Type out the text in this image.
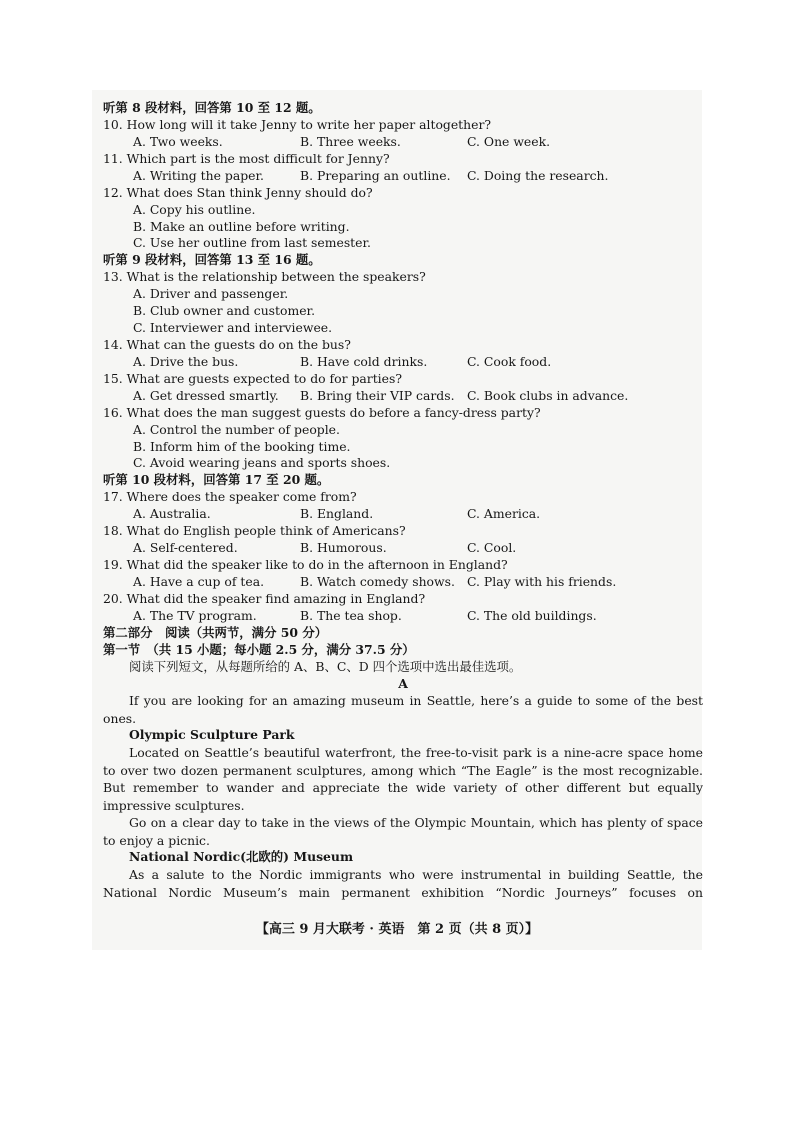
听第 8 段材料，回答第 10 至 12 题。
10. How long will it take Jenny to write her paper altogether?
A. Two weeks.	B. Three weeks.	C. One week.
11. Which part is the most difficult for Jenny?
A. Writing the paper.	B. Preparing an outline. C. Doing the research.
12. What does Stan think Jenny should do?
A. Copy his outline.
B. Make an outline before writing.
C. Use her outline from last semester.
听第 9 段材料，回答第 13 至 16 题。
13. What is the relationship between the speakers?
A. Driver and passenger.
B. Club owner and customer.
C. Interviewer and interviewee.
14. What can the guests do on the bus?
A. Drive the bus.	B. Have cold drinks.	C. Cook food.
15. What are guests expected to do for parties?
A. Get dressed smartly. B. Bring their VIP cards. C. Book clubs in advance.
16. What does the man suggest guests do before a fancy-dress party?
A. Control the number of people.
B. Inform him of the booking time.
C. Avoid wearing jeans and sports shoes.
听第 10 段材料，回答第 17 至 20 题。
17. Where does the speaker come from?
A. Australia.	B. England.	C. America.
18. What do English people think of Americans?
A. Self-centered.	B. Humorous.	C. Cool.
19. What did the speaker like to do in the afternoon in England?
A. Have a cup of tea.	B. Watch comedy shows. C. Play with his friends.
20. What did the speaker find amazing in England?
A. The TV program.	B. The tea shop.	C. The old buildings.
第二部分　阅读（共两节，满分 50 分）
第一节　（共 15 小题；每小题 2.5 分，满分 37.5 分）
阅读下列短文，从每题所给的 A、B、C、D 四个选项中选出最佳选项。
A
If you are looking for an amazing museum in Seattle, here’s a guide to some of the best ones.
Olympic Sculpture Park
Located on Seattle’s beautiful waterfront, the free-to-visit park is a nine-acre space home to over two dozen permanent sculptures, among which “The Eagle” is the most recognizable. But remember to wander and appreciate the wide variety of other different but equally impressive sculptures.
Go on a clear day to take in the views of the Olympic Mountain, which has plenty of space to enjoy a picnic.
National Nordic(北欧的) Museum
As a salute to the Nordic immigrants who were instrumental in building Seattle, the National Nordic Museum’s main permanent exhibition “Nordic Journeys” focuses on
【高三 9 月大联考 · 英语　第 2 页（共 8 页）】
